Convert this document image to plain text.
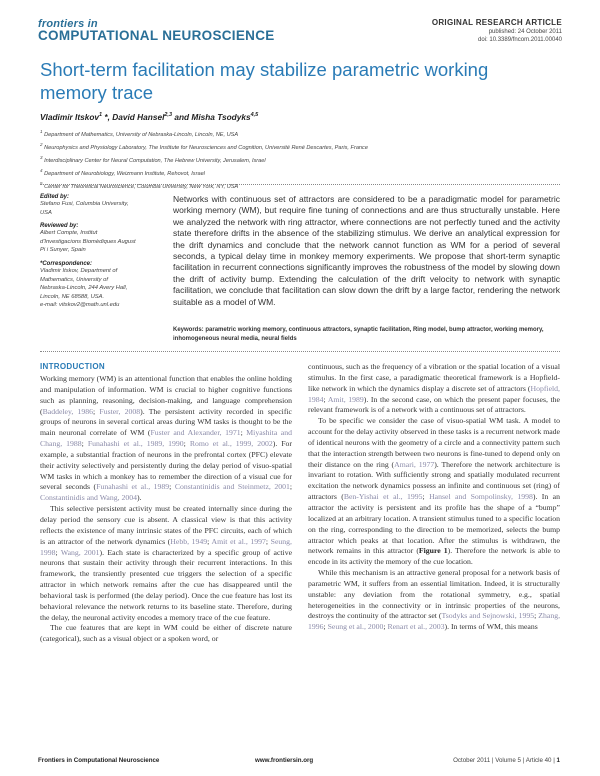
frontiers in
COMPUTATIONAL NEUROSCIENCE
ORIGINAL RESEARCH ARTICLE
published: 24 October 2011
doi: 10.3389/fncom.2011.00040
Short-term facilitation may stabilize parametric working memory trace
Vladimir Itskov$^1$ *, David Hansel$^{2,3}$ and Misha Tsodyks$^{4,5}$
$^1$ Department of Mathematics, University of Nebraska-Lincoln, Lincoln, NE, USA
$^2$ Neurophysics and Physiology Laboratory, The Institute for Neurosciences and Cognition, Université René Descartes, Paris, France
$^3$ Interdisciplinary Center for Neural Computation, The Hebrew University, Jerusalem, Israel
$^4$ Department of Neurobiology, Weizmann Institute, Rehovot, Israel
$^5$ Center for Theoretical Neuroscience, Columbia University, New York, NY, USA
Edited by:
Stefano Fusi, Columbia University,
USA
Reviewed by:
Albert Compte, Institut
d'Investigacions Biomèdiques August
Pi i Sunyer, Spain
*Correspondence:
Vladimir Itskov, Department of
Mathematics, University of
Nebraska-Lincoln, 244 Avery Hall,
Lincoln, NE 68588, USA.
e-mail: vitskov2@math.unl.edu
Networks with continuous set of attractors are considered to be a paradigmatic model for parametric working memory (WM), but require fine tuning of connections and are thus structurally unstable. Here we analyzed the network with ring attractor, where connections are not perfectly tuned and the activity state therefore drifts in the absence of the stabilizing stimulus. We derive an analytical expression for the drift dynamics and conclude that the network cannot function as WM for a period of several seconds, a typical delay time in monkey memory experiments. We propose that short-term synaptic facilitation in recurrent connections significantly improves the robustness of the model by slowing down the drift of activity bump. Extending the calculation of the drift velocity to network with synaptic facilitation, we conclude that facilitation can slow down the drift by a large factor, rendering the network suitable as a model of WM.
Keywords: parametric working memory, continuous attractors, synaptic facilitation, Ring model, bump attractor, working memory, inhomogeneous neural media, neural fields
INTRODUCTION

Working memory (WM) is an attentional function that enables the online holding and manipulation of information. WM is crucial to higher cognitive functions such as planning, reasoning, decision-making, and language comprehension (Baddeley, 1986; Fuster, 2008). The persistent activity recorded in specific groups of neurons in several cortical areas during WM tasks is thought to be the main neuronal correlate of WM (Fuster and Alexander, 1971; Miyashita and Chang, 1988; Funahashi et al., 1989, 1990; Romo et al., 1999, 2002). For example, a substantial fraction of neurons in the prefrontal cortex (PFC) elevate their activity selectively and persistently during the delay period of visuo-spatial WM tasks in which a monkey has to remember the direction of a visual cue for several seconds (Funahashi et al., 1989; Constantinidis and Steinmetz, 2001; Constantinidis and Wang, 2004).

This selective persistent activity must be created internally since during the delay period the sensory cue is absent. A classical view is that this activity reflects the existence of many intrinsic states of the PFC circuits, each of which is an attractor of the network dynamics (Hebb, 1949; Amit et al., 1997; Seung, 1998; Wang, 2001). Each state is characterized by a specific group of active neurons that sustain their activity through their recurrent interactions. In this framework, the transiently presented cue triggers the selection of a specific attractor in which network remains after the cue has disappeared until the behavioral task is performed (the delay period). Once the cue feature has lost its behavioral relevance the network returns to its baseline state. Therefore, during the delay, the neuronal activity encodes a memory trace of the cue feature.

The cue features that are kept in WM could be either of discrete nature (categorical), such as a visual object or a spoken word, or

continuous, such as the frequency of a vibration or the spatial location of a visual stimulus. In the first case, a paradigmatic theoretical framework is a Hopfield-like network in which the dynamics display a discrete set of attractors (Hopfield, 1984; Amit, 1989). In the second case, on which the present paper focuses, the relevant framework is of a network with a continuous set of attractors.

To be specific we consider the case of visuo-spatial WM task. A model to account for the delay activity observed in these tasks is a recurrent network made of identical neurons with the geometry of a circle and a connectivity pattern such that the interaction strength between two neurons is fine-tuned to depend only on their distance on the ring (Amari, 1977). Therefore the network architecture is invariant to rotation. With sufficiently strong and spatially modulated recurrent excitation the network dynamics possess an infinite and continuous set (ring) of attractors (Ben-Yishai et al., 1995; Hansel and Sompolinsky, 1998). In an attractor the activity is persistent and its profile has the shape of a “bump” localized at an arbitrary location. A transient stimulus tuned to a specific location on the ring, corresponding to the direction to be memorized, selects the bump attractor which peaks at that location. After the stimulus is withdrawn, the network remains in this attractor (Figure 1). Therefore the network is able to encode in its activity the memory of the cue location.

While this mechanism is an attractive general proposal for a network basis of parametric WM, it suffers from an essential limitation. Indeed, it is structurally unstable: any deviation from the rotational symmetry, e.g., spatial heterogeneities in the connectivity or in intrinsic properties of the neurons, destroys the continuity of the attractor set (Tsodyks and Sejnowski, 1995; Zhang, 1996; Seung et al., 2000; Renart et al., 2003). In terms of WM, this means

Frontiers in Computational Neuroscience	www.frontiersin.org	October 2011 | Volume 5 | Article 40 | 1
